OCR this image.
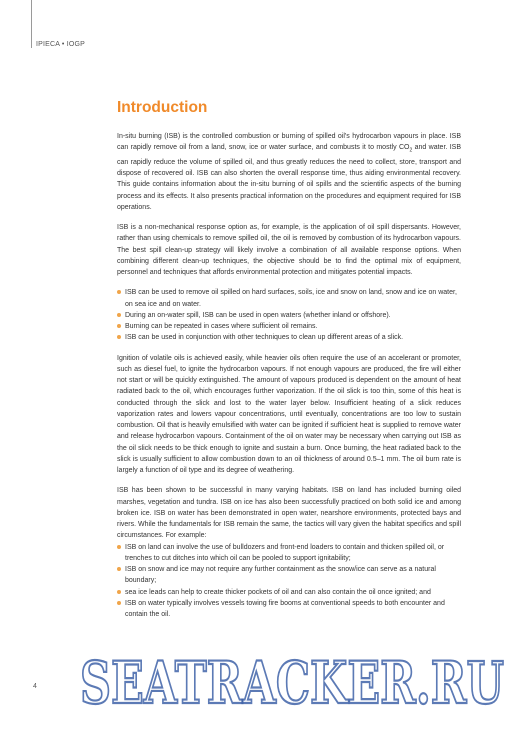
IPIECA • IOGP
Introduction

In-situ burning (ISB) is the controlled combustion or burning of spilled oil’s hydrocarbon vapours in place. ISB can rapidly remove oil from a land, snow, ice or water surface, and combusts it to mostly $CO_2$ and water. ISB can rapidly reduce the volume of spilled oil, and thus greatly reduces the need to collect, store, transport and dispose of recovered oil. ISB can also shorten the overall response time, thus aiding environmental recovery. This guide contains information about the in-situ burning of oil spills and the scientific aspects of the burning process and its effects. It also presents practical information on the procedures and equipment required for ISB operations.

ISB is a non-mechanical response option as, for example, is the application of oil spill dispersants. However, rather than using chemicals to remove spilled oil, the oil is removed by combustion of its hydrocarbon vapours. The best spill clean-up strategy will likely involve a combination of all available response options. When combining different clean-up techniques, the objective should be to find the optimal mix of equipment, personnel and techniques that affords environmental protection and mitigates potential impacts.

ISB can be used to remove oil spilled on hard surfaces, soils, ice and snow on land, snow and ice on water, on sea ice and on water.
During an on-water spill, ISB can be used in open waters (whether inland or offshore).
Burning can be repeated in cases where sufficient oil remains.
ISB can be used in conjunction with other techniques to clean up different areas of a slick.

Ignition of volatile oils is achieved easily, while heavier oils often require the use of an accelerant or promoter, such as diesel fuel, to ignite the hydrocarbon vapours. If not enough vapours are produced, the fire will either not start or will be quickly extinguished. The amount of vapours produced is dependent on the amount of heat radiated back to the oil, which encourages further vaporization. If the oil slick is too thin, some of this heat is conducted through the slick and lost to the water layer below. Insufficient heating of a slick reduces vaporization rates and lowers vapour concentrations, until eventually, concentrations are too low to sustain combustion. Oil that is heavily emulsified with water can be ignited if sufficient heat is supplied to remove water and release hydrocarbon vapours. Containment of the oil on water may be necessary when carrying out ISB as the oil slick needs to be thick enough to ignite and sustain a burn. Once burning, the heat radiated back to the slick is usually sufficient to allow combustion down to an oil thickness of around 0.5–1 mm. The oil burn rate is largely a function of oil type and its degree of weathering.

ISB has been shown to be successful in many varying habitats. ISB on land has included burning oiled marshes, vegetation and tundra. ISB on ice has also been successfully practiced on both solid ice and among broken ice. ISB on water has been demonstrated in open water, nearshore environments, protected bays and rivers. While the fundamentals for ISB remain the same, the tactics will vary given the habitat specifics and spill circumstances. For example:

ISB on land can involve the use of bulldozers and front-end loaders to contain and thicken spilled oil, or trenches to cut ditches into which oil can be pooled to support ignitability;
ISB on snow and ice may not require any further containment as the snow/ice can serve as a natural boundary;
sea ice leads can help to create thicker pockets of oil and can also contain the oil once ignited; and
ISB on water typically involves vessels towing fire booms at conventional speeds to both encounter and contain the oil.
4 SEATRACKER.RU
